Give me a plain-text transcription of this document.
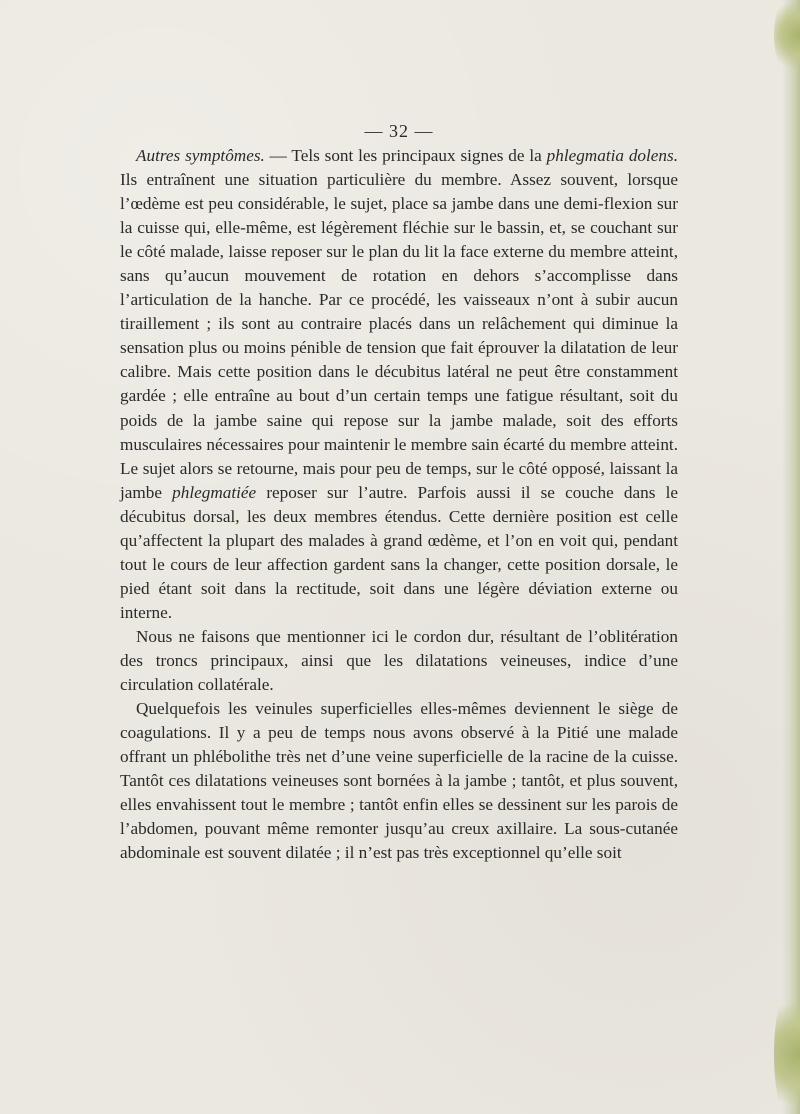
— 32 —

Autres symptômes. — Tels sont les principaux signes de la phlegmatia dolens. Ils entraînent une situation particulière du membre. Assez souvent, lorsque l’œdème est peu considérable, le sujet, place sa jambe dans une demi-flexion sur la cuisse qui, elle-même, est légèrement fléchie sur le bassin, et, se couchant sur le côté malade, laisse reposer sur le plan du lit la face externe du membre atteint, sans qu’aucun mouvement de rotation en dehors s’accomplisse dans l’articulation de la hanche. Par ce procédé, les vaisseaux n’ont à subir aucun tiraillement ; ils sont au contraire placés dans un relâchement qui diminue la sensation plus ou moins pénible de tension que fait éprouver la dilatation de leur calibre. Mais cette position dans le décubitus latéral ne peut être constamment gardée ; elle entraîne au bout d’un certain temps une fatigue résultant, soit du poids de la jambe saine qui repose sur la jambe malade, soit des efforts musculaires nécessaires pour maintenir le membre sain écarté du membre atteint. Le sujet alors se retourne, mais pour peu de temps, sur le côté opposé, laissant la jambe phlegmatiée reposer sur l’autre. Parfois aussi il se couche dans le décubitus dorsal, les deux membres étendus. Cette dernière position est celle qu’affectent la plupart des malades à grand œdème, et l’on en voit qui, pendant tout le cours de leur affection gardent sans la changer, cette position dorsale, le pied étant soit dans la rectitude, soit dans une légère déviation externe ou interne.

Nous ne faisons que mentionner ici le cordon dur, résultant de l’oblitération des troncs principaux, ainsi que les dilatations veineuses, indice d’une circulation collatérale.

Quelquefois les veinules superficielles elles-mêmes deviennent le siège de coagulations. Il y a peu de temps nous avons observé à la Pitié une malade offrant un phlébolithe très net d’une veine superficielle de la racine de la cuisse. Tantôt ces dilatations veineuses sont bornées à la jambe ; tantôt, et plus souvent, elles envahissent tout le membre ; tantôt enfin elles se dessinent sur les parois de l’abdomen, pouvant même remonter jusqu’au creux axillaire. La sous-cutanée abdominale est souvent dilatée ; il n’est pas très exceptionnel qu’elle soit
